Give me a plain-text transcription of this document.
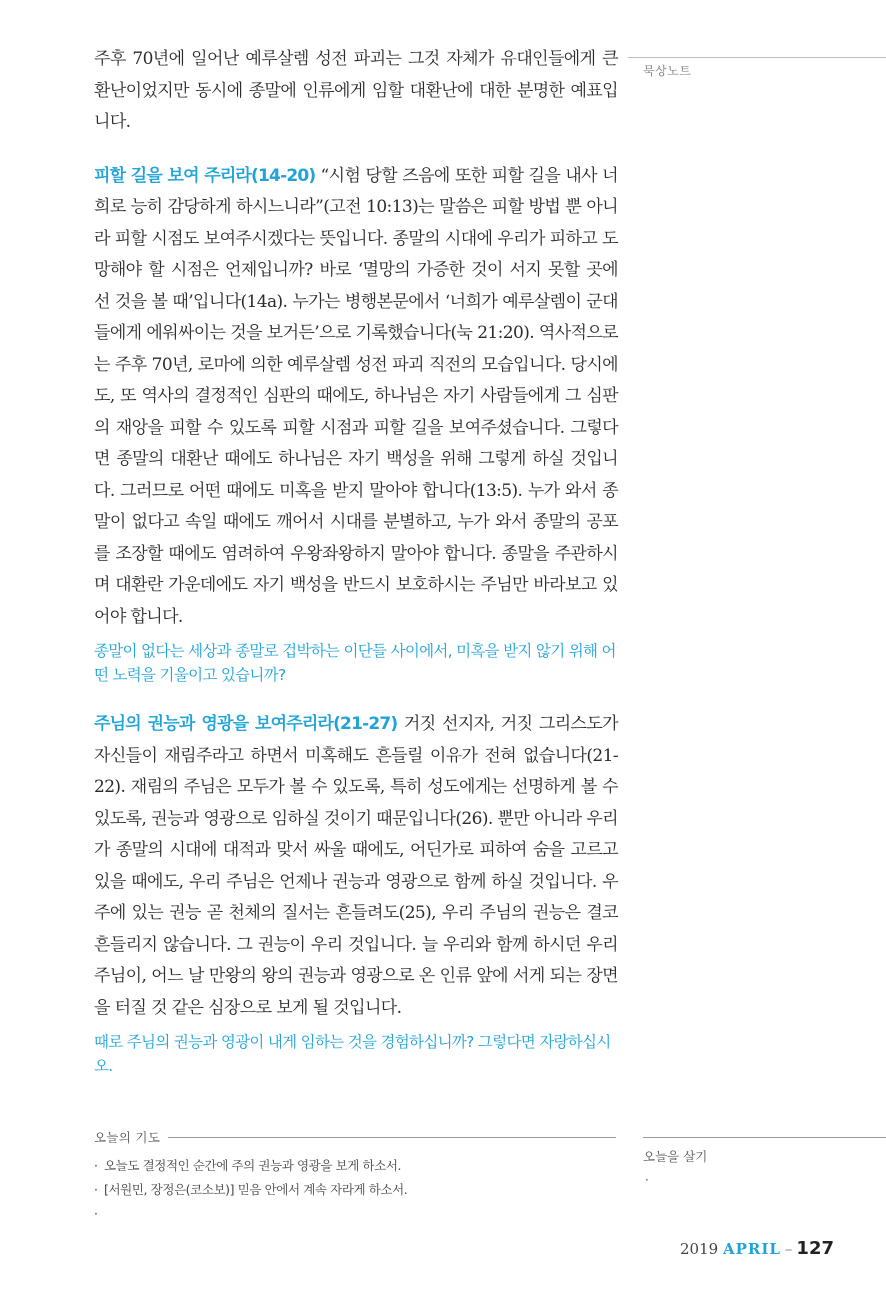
묵상노트

주후 70년에 일어난 예루살렘 성전 파괴는 그것 자체가 유대인들에게 큰 환난이었지만 동시에 종말에 인류에게 임할 대환난에 대한 분명한 예표입니다.

피할 길을 보여 주리라(14-20) “시험 당할 즈음에 또한 피할 길을 내사 너희로 능히 감당하게 하시느니라”(고전 10:13)는 말씀은 피할 방법 뿐 아니라 피할 시점도 보여주시겠다는 뜻입니다. 종말의 시대에 우리가 피하고 도망해야 할 시점은 언제입니까? 바로 ‘멸망의 가증한 것이 서지 못할 곳에 선 것을 볼 때’입니다(14a). 누가는 병행본문에서 ‘너희가 예루살렘이 군대들에게 에워싸이는 것을 보거든’으로 기록했습니다(눅 21:20). 역사적으로는 주후 70년, 로마에 의한 예루살렘 성전 파괴 직전의 모습입니다. 당시에도, 또 역사의 결정적인 심판의 때에도, 하나님은 자기 사람들에게 그 심판의 재앙을 피할 수 있도록 피할 시점과 피할 길을 보여주셨습니다. 그렇다면 종말의 대환난 때에도 하나님은 자기 백성을 위해 그렇게 하실 것입니다. 그러므로 어떤 때에도 미혹을 받지 말아야 합니다(13:5). 누가 와서 종말이 없다고 속일 때에도 깨어서 시대를 분별하고, 누가 와서 종말의 공포를 조장할 때에도 염려하여 우왕좌왕하지 말아야 합니다. 종말을 주관하시며 대환란 가운데에도 자기 백성을 반드시 보호하시는 주님만 바라보고 있어야 합니다.

종말이 없다는 세상과 종말로 겁박하는 이단들 사이에서, 미혹을 받지 않기 위해 어떤 노력을 기울이고 있습니까?

주님의 권능과 영광을 보여주리라(21-27) 거짓 선지자, 거짓 그리스도가 자신들이 재림주라고 하면서 미혹해도 흔들릴 이유가 전혀 없습니다(21-22). 재림의 주님은 모두가 볼 수 있도록, 특히 성도에게는 선명하게 볼 수 있도록, 권능과 영광으로 임하실 것이기 때문입니다(26). 뿐만 아니라 우리가 종말의 시대에 대적과 맞서 싸울 때에도, 어딘가로 피하여 숨을 고르고 있을 때에도, 우리 주님은 언제나 권능과 영광으로 함께 하실 것입니다. 우주에 있는 권능 곧 천체의 질서는 흔들려도(25), 우리 주님의 권능은 결코 흔들리지 않습니다. 그 권능이 우리 것입니다. 늘 우리와 함께 하시던 우리 주님이, 어느 날 만왕의 왕의 권능과 영광으로 온 인류 앞에 서게 되는 장면을 터질 것 같은 심장으로 보게 될 것입니다.

때로 주님의 권능과 영광이 내게 임하는 것을 경험하십니까? 그렇다면 자랑하십시오.

오늘의 기도
· 오늘도 결정적인 순간에 주의 권능과 영광을 보게 하소서.
· [서원민, 장정은(코소보)] 믿음 안에서 계속 자라게 하소서.
·
오늘을 살기
·
2019 APRIL – 127
